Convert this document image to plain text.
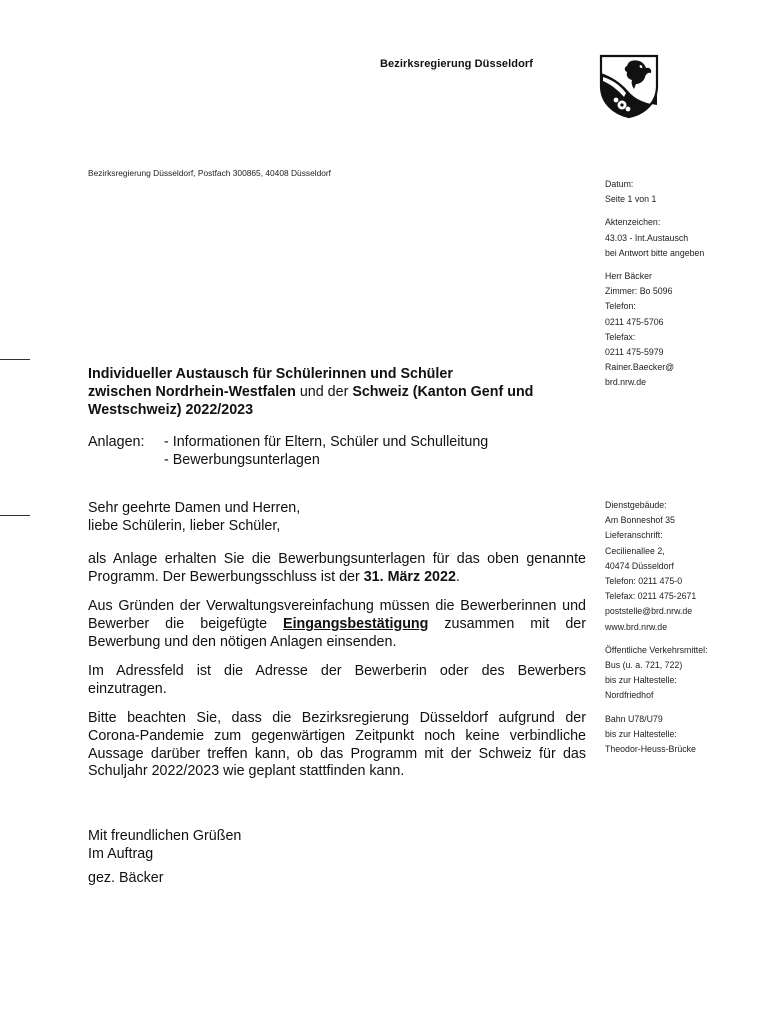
Bezirksregierung Düsseldorf
Bezirksregierung Düsseldorf, Postfach 300865, 40408 Düsseldorf
Datum:
Seite 1 von 1
Aktenzeichen:
43.03 - Int.Austausch
bei Antwort bitte angeben
Herr Bäcker
Zimmer: Bo 5096
Telefon:
0211 475-5706
Telefax:
0211 475-5979
Rainer.Baecker@
brd.nrw.de
Dienstgebäude:
Am Bonneshof 35
Lieferanschrift:
Cecilienallee 2,
40474 Düsseldorf
Telefon: 0211 475-0
Telefax: 0211 475-2671
poststelle@brd.nrw.de
www.brd.nrw.de
Öffentliche Verkehrsmittel:
Bus (u. a. 721, 722)
bis zur Haltestelle:
Nordfriedhof
Bahn U78/U79
bis zur Haltestelle:
Theodor-Heuss-Brücke
Individueller Austausch für Schülerinnen und Schüler
zwischen Nordrhein-Westfalen und der Schweiz (Kanton Genf und Westschweiz) 2022/2023
Anlagen: - Informationen für Eltern, Schüler und Schulleitung
- Bewerbungsunterlagen

Sehr geehrte Damen und Herren,
liebe Schülerin, lieber Schüler,

als Anlage erhalten Sie die Bewerbungsunterlagen für das oben genannte Programm. Der Bewerbungsschluss ist der 31. März 2022.

Aus Gründen der Verwaltungsvereinfachung müssen die Bewerberinnen und Bewerber die beigefügte Eingangsbestätigung zusammen mit der Bewerbung und den nötigen Anlagen einsenden.

Im Adressfeld ist die Adresse der Bewerberin oder des Bewerbers einzutragen.

Bitte beachten Sie, dass die Bezirksregierung Düsseldorf aufgrund der Corona-Pandemie zum gegenwärtigen Zeitpunkt noch keine verbindliche Aussage darüber treffen kann, ob das Programm mit der Schweiz für das Schuljahr 2022/2023 wie geplant stattfinden kann.

Mit freundlichen Grüßen
Im Auftrag
gez. Bäcker
